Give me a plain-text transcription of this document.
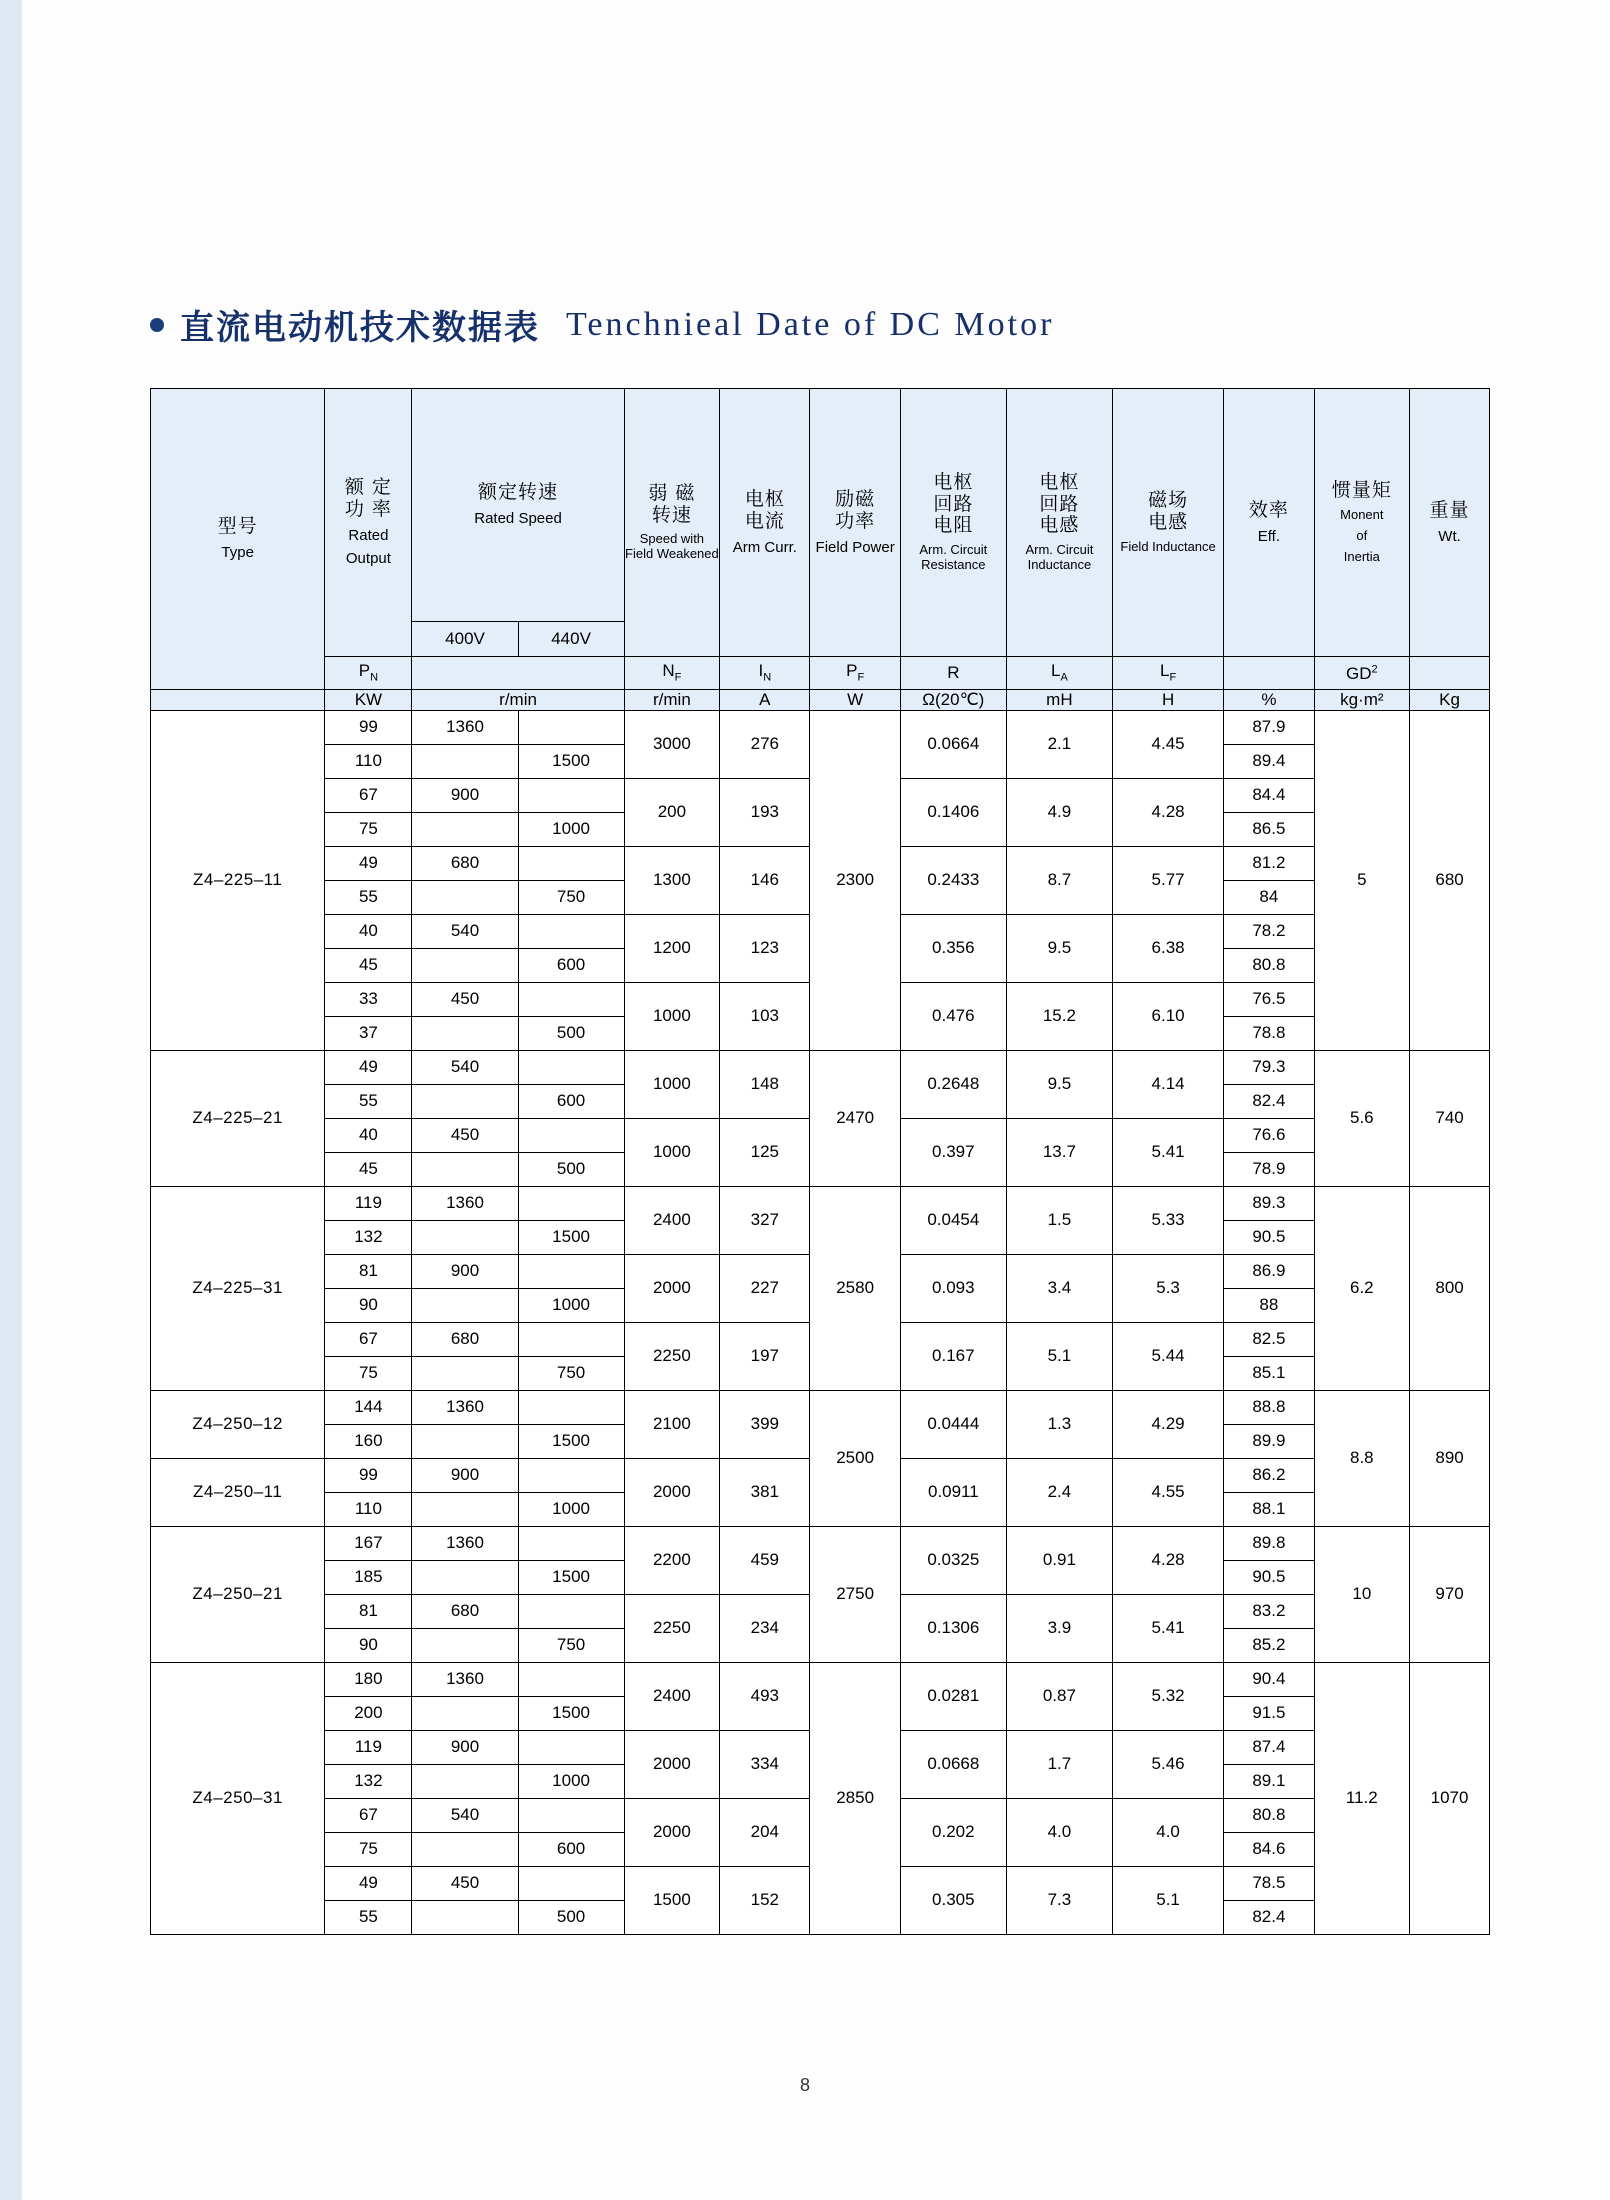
直流电动机技术数据表 Tenchnieal Date of DC Motor
型号
Type	额 定
功 率
Rated
Output	额定转速
Rated Speed		弱 磁
转速
Speed with Field Weakened	电枢
电流
Arm Curr.	励磁
功率
Field Power	电枢
回路
电阻
Arm. Circuit Resistance	电枢
回路
电感
Arm. Circuit Inductance	磁场
电感
Field Inductance	效率
Eff.	惯量矩
Monent
of
Inertia	重量
Wt.

		400V	440V									
	$P_N$			$N_F$	$I_N$	$P_F$	R	$L_A$	$L_F$		$GD^2$	
	KW	r/min		r/min	A	W	Ω(20℃)	mH	H	%	kg·m²	Kg
Z4–225–11	99	1360		3000	276	2300	0.0664	2.1	4.45	87.9	5	680
	110		1500							89.4		
	67	900		200	193		0.1406	4.9	4.28	84.4		
	75		1000							86.5		
	49	680		1300	146		0.2433	8.7	5.77	81.2		
	55		750							84		
	40	540		1200	123		0.356	9.5	6.38	78.2		
	45		600							80.8		
	33	450		1000	103		0.476	15.2	6.10	76.5		
	37		500							78.8		
Z4–225–21	49	540		1000	148	2470	0.2648	9.5	4.14	79.3	5.6	740
	55		600							82.4		
	40	450		1000	125		0.397	13.7	5.41	76.6		
	45		500							78.9		
Z4–225–31	119	1360		2400	327	2580	0.0454	1.5	5.33	89.3	6.2	800
	132		1500							90.5		
	81	900		2000	227		0.093	3.4	5.3	86.9		
	90		1000							88		
	67	680		2250	197		0.167	5.1	5.44	82.5		
	75		750							85.1		
Z4–250–12	144	1360		2100	399	2500	0.0444	1.3	4.29	88.8	8.8	890
	160		1500							89.9		
Z4–250–11	99	900		2000	381		0.0911	2.4	4.55	86.2		
	110		1000							88.1		
Z4–250–21	167	1360		2200	459	2750	0.0325	0.91	4.28	89.8	10	970
	185		1500							90.5		
	81	680		2250	234		0.1306	3.9	5.41	83.2		
	90		750							85.2		
Z4–250–31	180	1360		2400	493	2850	0.0281	0.87	5.32	90.4	11.2	1070
	200		1500							91.5		
	119	900		2000	334		0.0668	1.7	5.46	87.4		
	132		1000							89.1		
	67	540		2000	204		0.202	4.0	4.0	80.8		
	75		600							84.6		
	49	450		1500	152		0.305	7.3	5.1	78.5		
	55		500							82.4		
8
